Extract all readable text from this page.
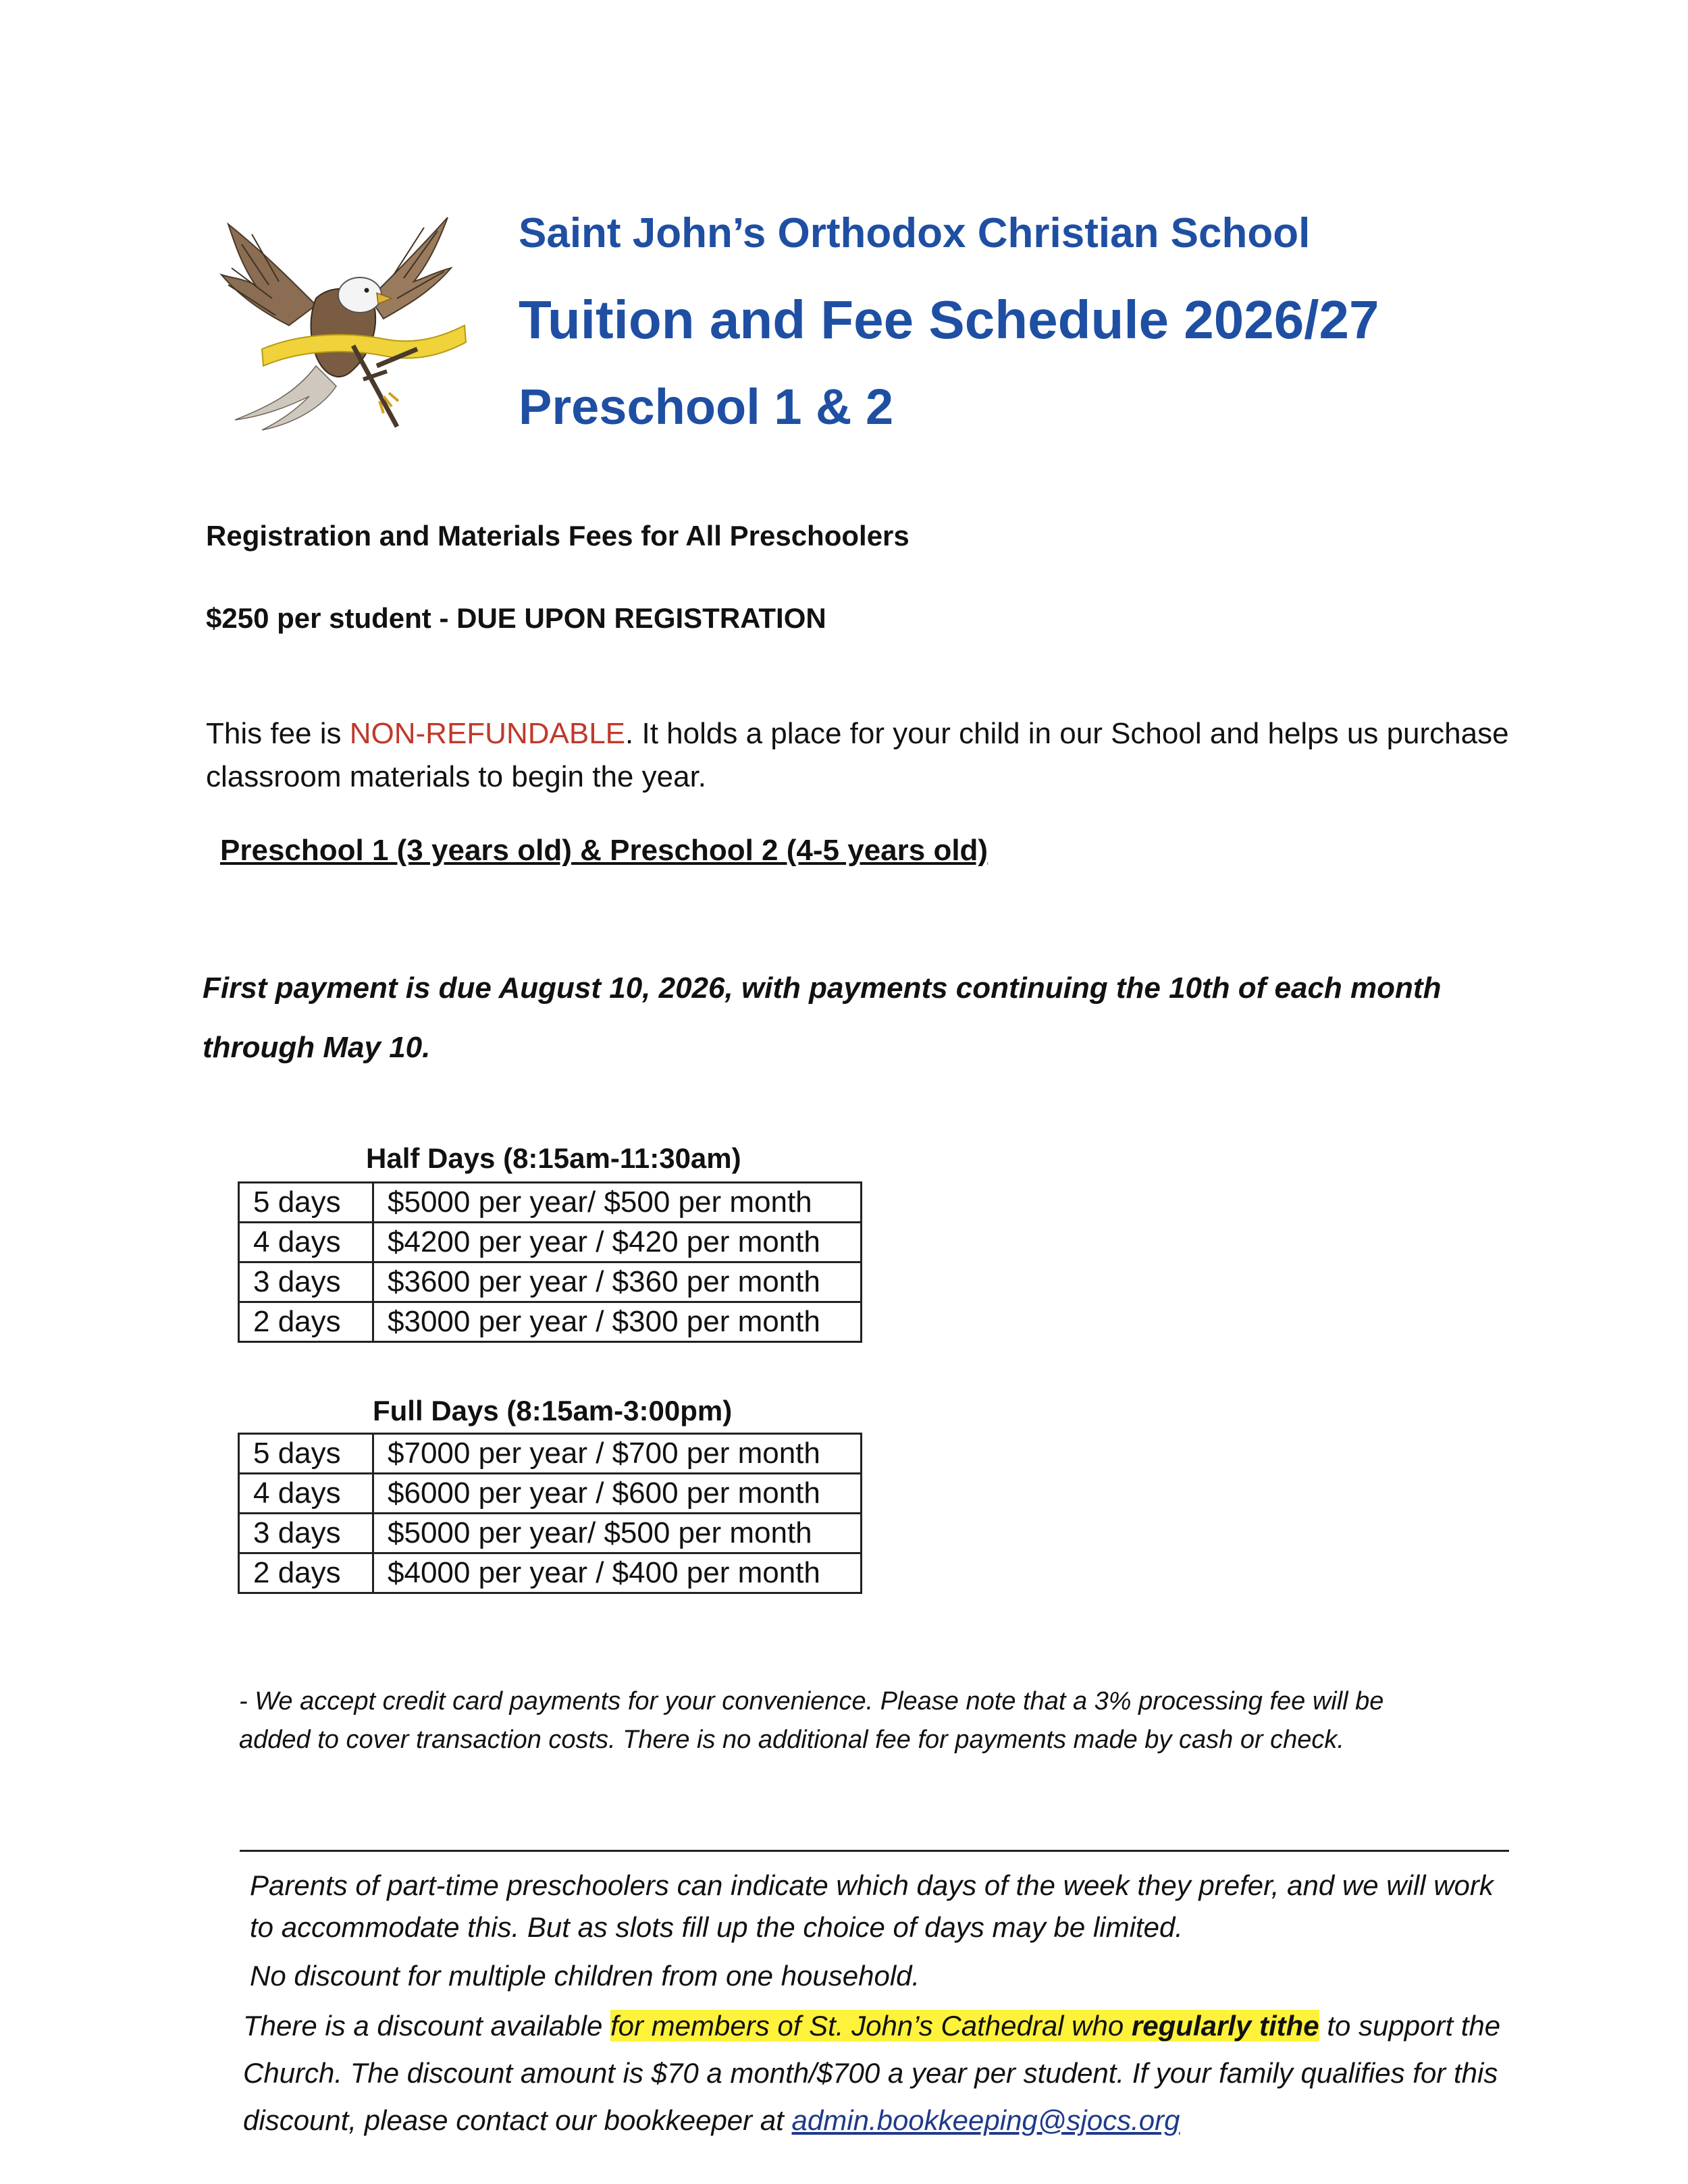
Saint John’s Orthodox Christian School
Tuition and Fee Schedule 2026/27
Preschool 1 & 2
Registration and Materials Fees for All Preschoolers
$250 per student - DUE UPON REGISTRATION
This fee is NON-REFUNDABLE. It holds a place for your child in our School and helps us purchase classroom materials to begin the year.
Preschool 1 (3 years old) & Preschool 2 (4-5 years old)
First payment is due August 10, 2026, with payments continuing the 10th of each month through May 10.
Half Days (8:15am-11:30am)
5 days	$5000 per year/ $500 per month
4 days	$4200 per year / $420 per month
3 days	$3600 per year / $360 per month
2 days	$3000 per year / $300 per month
Full Days (8:15am-3:00pm)
5 days	$7000 per year / $700 per month
4 days	$6000 per year / $600 per month
3 days	$5000 per year/ $500 per month
2 days	$4000 per year / $400 per month
- We accept credit card payments for your convenience. Please note that a 3% processing fee will be added to cover transaction costs. There is no additional fee for payments made by cash or check.
Parents of part-time preschoolers can indicate which days of the week they prefer, and we will work to accommodate this. But as slots fill up the choice of days may be limited.
No discount for multiple children from one household.
There is a discount available for members of St. John’s Cathedral who regularly tithe to support the Church. The discount amount is $70 a month/$700 a year per student. If your family qualifies for this discount, please contact our bookkeeper at admin.bookkeeping@sjocs.org
